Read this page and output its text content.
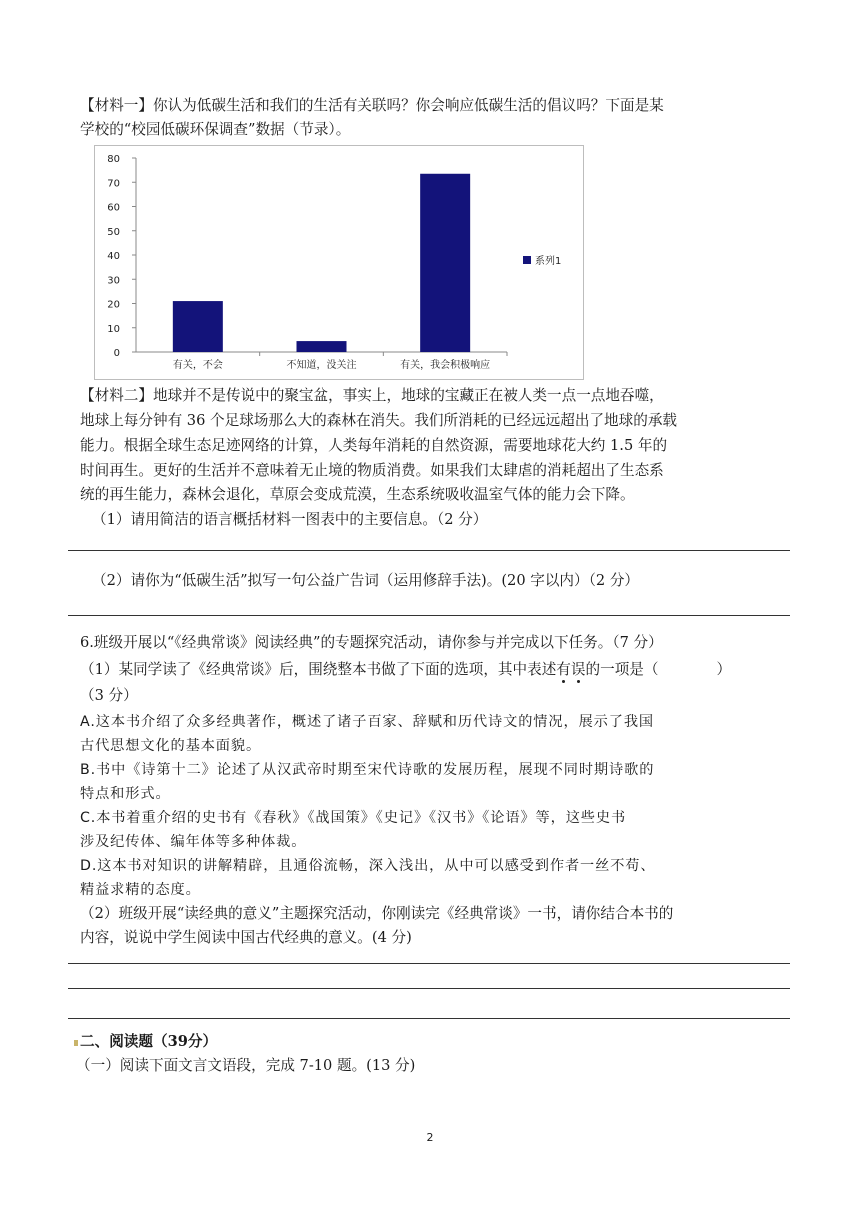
【材料一】你认为低碳生活和我们的生活有关联吗？你会响应低碳生活的倡议吗？下面是某

学校的“校园低碳环保调查”数据（节录）。

0
10
20
30
40
50
60
70
80
有关，不会	不知道，没关注	有关，我会积极响应
系列1

【材料二】地球并不是传说中的聚宝盆，事实上，地球的宝藏正在被人类一点一点地吞噬，

地球上每分钟有 36 个足球场那么大的森林在消失。我们所消耗的已经远远超出了地球的承载

能力。根据全球生态足迹网络的计算，人类每年消耗的自然资源，需要地球花大约 1.5 年的

时间再生。更好的生活并不意味着无止境的物质消费。如果我们太肆虐的消耗超出了生态系

统的再生能力，森林会退化，草原会变成荒漠，生态系统吸收温室气体的能力会下降。

（1）请用简洁的语言概括材料一图表中的主要信息。（2 分）

（2）请你为“低碳生活”拟写一句公益广告词（运用修辞手法)。(20 字以内）（2 分）

6.班级开展以“《经典常谈》阅读经典”的专题探究活动，请你参与并完成以下任务。（7 分）

（1）某同学读了《经典常谈》后，围绕整本书做了下面的选项，其中表述有误的一项是（	）

（3 分）

A.这本书介绍了众多经典著作，概述了诸子百家、辞赋和历代诗文的情况，展示了我国

古代思想文化的基本面貌。

B.书中《诗第十二》论述了从汉武帝时期至宋代诗歌的发展历程，展现不同时期诗歌的

特点和形式。

C.本书着重介绍的史书有《春秋》《战国策》《史记》《汉书》《论语》等，这些史书

涉及纪传体、编年体等多种体裁。

D.这本书对知识的讲解精辟，且通俗流畅，深入浅出，从中可以感受到作者一丝不苟、

精益求精的态度。

（2）班级开展“读经典的意义”主题探究活动，你刚读完《经典常谈》一书，请你结合本书的

内容，说说中学生阅读中国古代经典的意义。(4 分)

二、阅读题（39分）

（一）阅读下面文言文语段，完成 7-10 题。(13 分)

2
